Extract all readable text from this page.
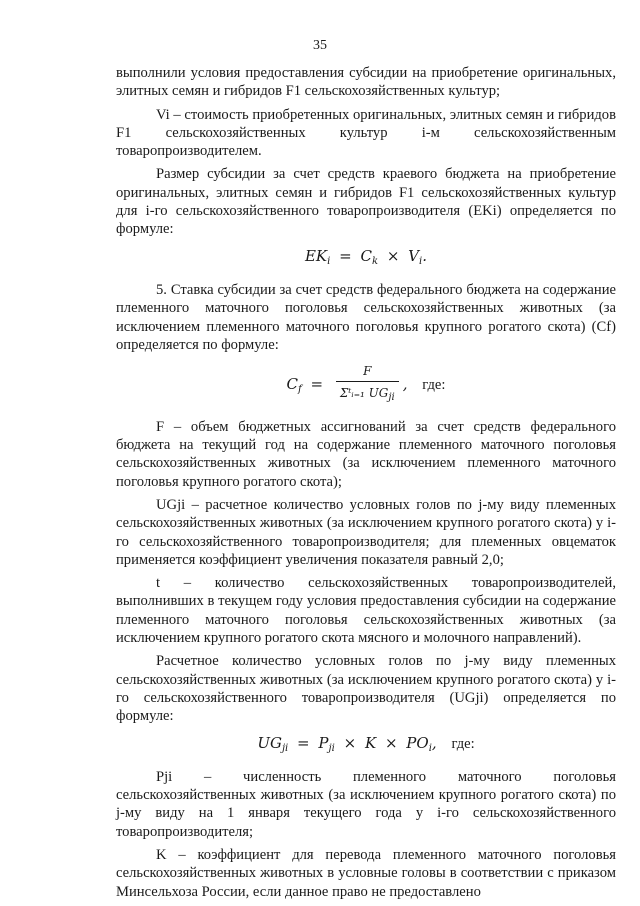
35

выполнили условия предоставления субсидии на приобретение оригинальных, элитных семян и гибридов F1 сельскохозяйственных культур;

Vi – стоимость приобретенных оригинальных, элитных семян и гибридов F1 сельскохозяйственных культур i-м сельскохозяйственным товаропроизводителем.

Размер субсидии за счет средств краевого бюджета на приобретение оригинальных, элитных семян и гибридов F1 сельскохозяйственных культур для i-го сельскохозяйственного товаропроизводителя (EKi) определяется по формуле:

$EK_i = C_k \times V_i$.

5. Ставка субсидии за счет средств федерального бюджета на содержание племенного маточного поголовья сельскохозяйственных животных (за исключением племенного маточного поголовья крупного рогатого скота) (Cf) определяется по формуле:

$C_f = \frac{F}{\Sigma ᵗᵢ_{=1} UG_{ji}}$ , где:

F – объем бюджетных ассигнований за счет средств федерального бюджета на текущий год на содержание племенного маточного поголовья сельскохозяйственных животных (за исключением племенного маточного поголовья крупного рогатого скота);

UGji – расчетное количество условных голов по j-му виду племенных сельскохозяйственных животных (за исключением крупного рогатого скота) у i-го сельскохозяйственного товаропроизводителя; для племенных овцематок применяется коэффициент увеличения показателя равный 2,0;

t – количество сельскохозяйственных товаропроизводителей, выполнивших в текущем году условия предоставления субсидии на содержание племенного маточного поголовья сельскохозяйственных животных (за исключением крупного рогатого скота мясного и молочного направлений).

Расчетное количество условных голов по j-му виду племенных сельскохозяйственных животных (за исключением крупного рогатого скота) у i-го сельскохозяйственного товаропроизводителя (UGji) определяется по формуле:

$UG_{ji} = P_{ji} \times K \times PO_i$, где:

Pji – численность племенного маточного поголовья сельскохозяйственных животных (за исключением крупного рогатого скота) по j-му виду на 1 января текущего года у i-го сельскохозяйственного товаропроизводителя;

K – коэффициент для перевода племенного маточного поголовья сельскохозяйственных животных в условные головы в соответствии с приказом Минсельхоза России, если данное право не предоставлено
